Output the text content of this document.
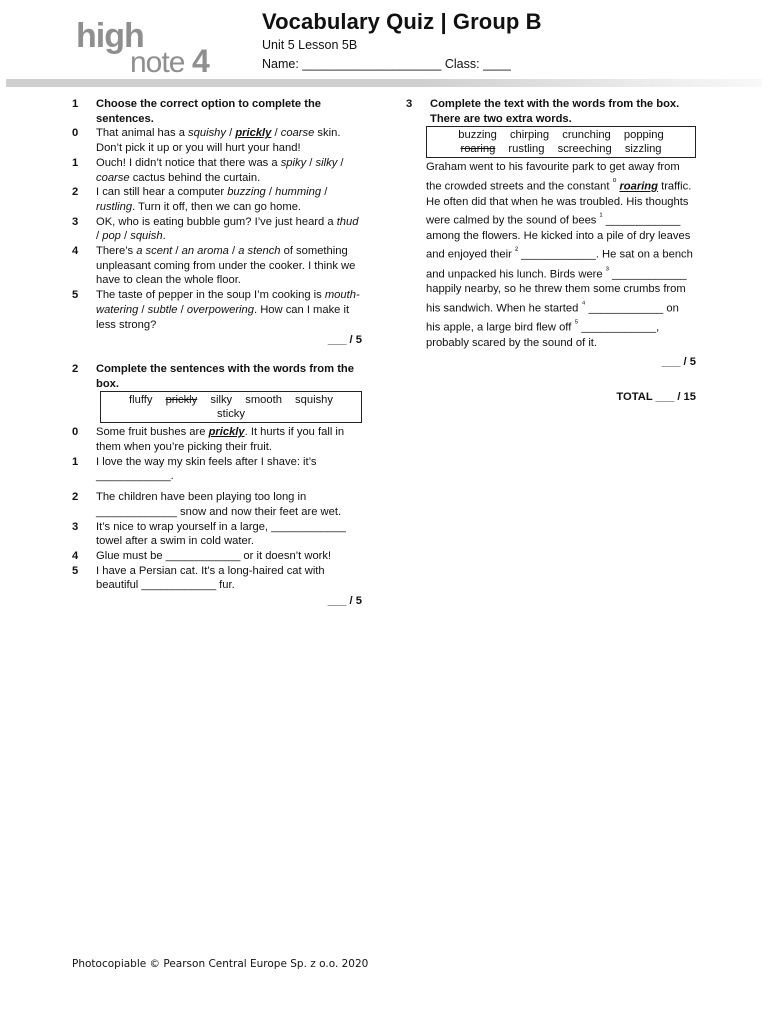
high
note 4
Vocabulary Quiz | Group B
Unit 5 Lesson 5B
Name: ____________________ Class: ____
1	Choose the correct option to complete the sentences.
0	That animal has a squishy / prickly / coarse skin. Don’t pick it up or you will hurt your hand!
1	Ouch! I didn’t notice that there was a spiky / silky / coarse cactus behind the curtain.
2	I can still hear a computer buzzing / humming / rustling. Turn it off, then we can go home.
3	OK, who is eating bubble gum? I’ve just heard a thud / pop / squish.
4	There’s a scent / an aroma / a stench of something unpleasant coming from under the cooker. I think we have to clean the whole floor.
5	The taste of pepper in the soup I’m cooking is mouth-watering / subtle / overpowering. How can I make it less strong?
___ / 5
2	Complete the sentences with the words from the box.
fluffy prickly silky smooth squishy sticky
0	Some fruit bushes are prickly. It hurts if you fall in them when you’re picking their fruit.
1	I love the way my skin feels after I shave: it’s ____________.
2	The children have been playing too long in _____________ snow and now their feet are wet.
3	It’s nice to wrap yourself in a large, ____________ towel after a swim in cold water.
4	Glue must be ____________ or it doesn’t work!
5	I have a Persian cat. It’s a long-haired cat with beautiful ____________ fur.
___ / 5
3	Complete the text with the words from the box. There are two extra words.
buzzing chirping crunching popping roaring rustling screeching sizzling
Graham went to his favourite park to get away from the crowded streets and the constant $^{^0}$ roaring traffic. He often did that when he was troubled. His thoughts were calmed by the sound of bees $^{^1}$ ____________ among the flowers. He kicked into a pile of dry leaves and enjoyed their $^{^2}$ ____________. He sat on a bench and unpacked his lunch. Birds were $^{^3}$ ____________ happily nearby, so he threw them some crumbs from his sandwich. When he started $^{^4}$ ____________ on his apple, a large bird flew off $^{^5}$ ____________, probably scared by the sound of it.
___ / 5
TOTAL ___ / 15
Photocopiable © Pearson Central Europe Sp. z o.o. 2020
